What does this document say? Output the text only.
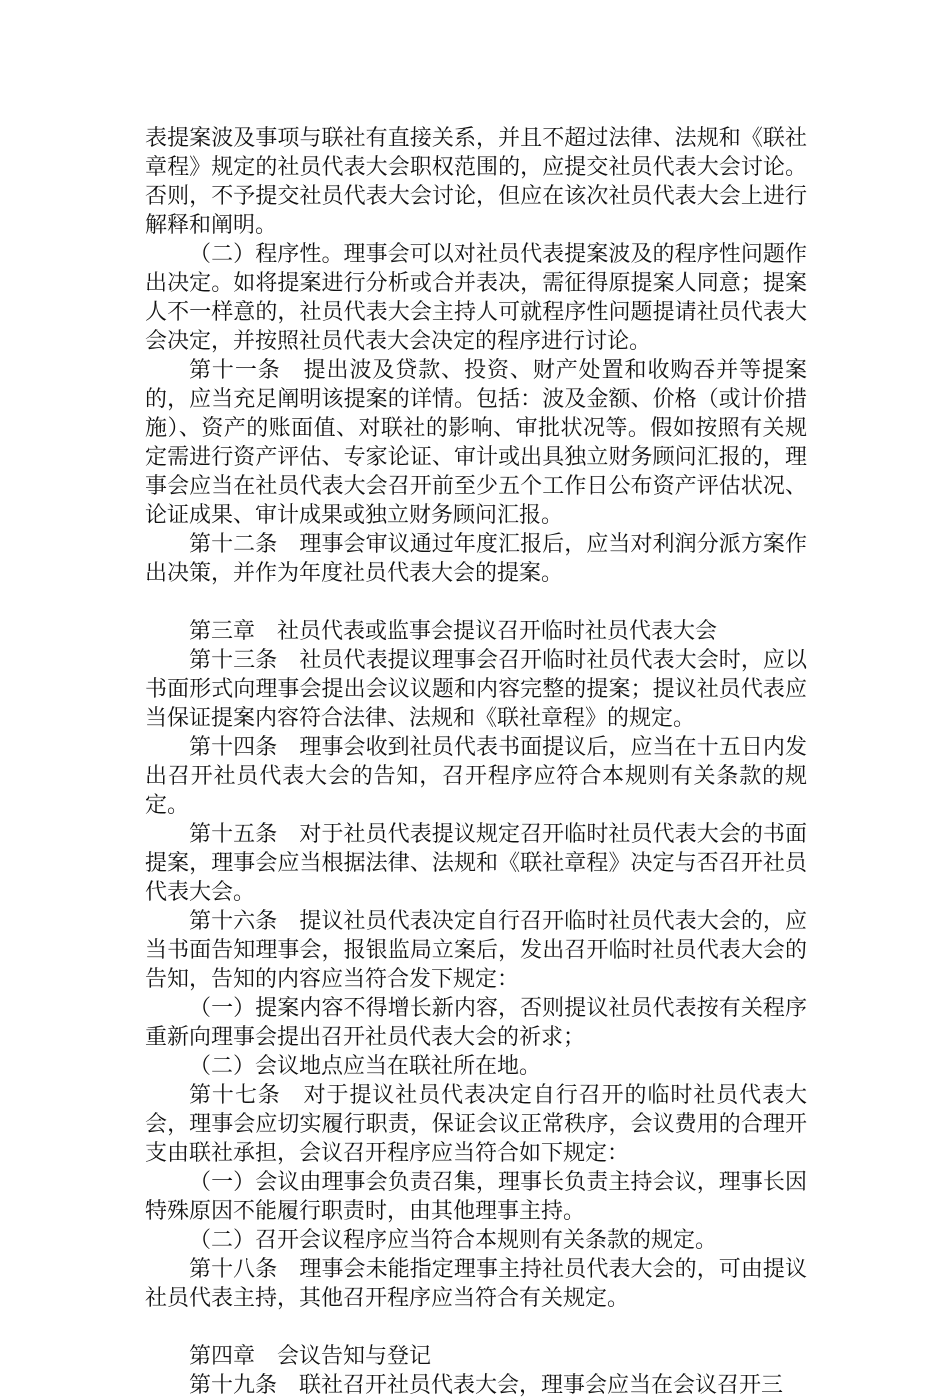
表提案波及事项与联社有直接关系，并且不超过法律、法规和《联社章程》规定的社员代表大会职权范围的，应提交社员代表大会讨论。否则，不予提交社员代表大会讨论，但应在该次社员代表大会上进行解释和阐明。

（二）程序性。理事会可以对社员代表提案波及的程序性问题作出决定。如将提案进行分析或合并表决，需征得原提案人同意；提案人不一样意的，社员代表大会主持人可就程序性问题提请社员代表大会决定，并按照社员代表大会决定的程序进行讨论。

第十一条　提出波及贷款、投资、财产处置和收购吞并等提案的，应当充足阐明该提案的详情。包括：波及金额、价格（或计价措施）、资产的账面值、对联社的影响、审批状况等。假如按照有关规定需进行资产评估、专家论证、审计或出具独立财务顾问汇报的，理事会应当在社员代表大会召开前至少五个工作日公布资产评估状况、论证成果、审计成果或独立财务顾问汇报。

第十二条　理事会审议通过年度汇报后，应当对利润分派方案作出决策，并作为年度社员代表大会的提案。

第三章　社员代表或监事会提议召开临时社员代表大会

第十三条　社员代表提议理事会召开临时社员代表大会时，应以书面形式向理事会提出会议议题和内容完整的提案；提议社员代表应当保证提案内容符合法律、法规和《联社章程》的规定。

第十四条　理事会收到社员代表书面提议后，应当在十五日内发出召开社员代表大会的告知，召开程序应符合本规则有关条款的规定。

第十五条　对于社员代表提议规定召开临时社员代表大会的书面提案，理事会应当根据法律、法规和《联社章程》决定与否召开社员代表大会。

第十六条　提议社员代表决定自行召开临时社员代表大会的，应当书面告知理事会，报银监局立案后，发出召开临时社员代表大会的告知，告知的内容应当符合发下规定：

（一）提案内容不得增长新内容，否则提议社员代表按有关程序重新向理事会提出召开社员代表大会的祈求；

（二）会议地点应当在联社所在地。

第十七条　对于提议社员代表决定自行召开的临时社员代表大会，理事会应切实履行职责，保证会议正常秩序，会议费用的合理开支由联社承担，会议召开程序应当符合如下规定：

（一）会议由理事会负责召集，理事长负责主持会议，理事长因特殊原因不能履行职责时，由其他理事主持。

（二）召开会议程序应当符合本规则有关条款的规定。

第十八条　理事会未能指定理事主持社员代表大会的，可由提议社员代表主持，其他召开程序应当符合有关规定。

第四章　会议告知与登记

第十九条　联社召开社员代表大会，理事会应当在会议召开三
